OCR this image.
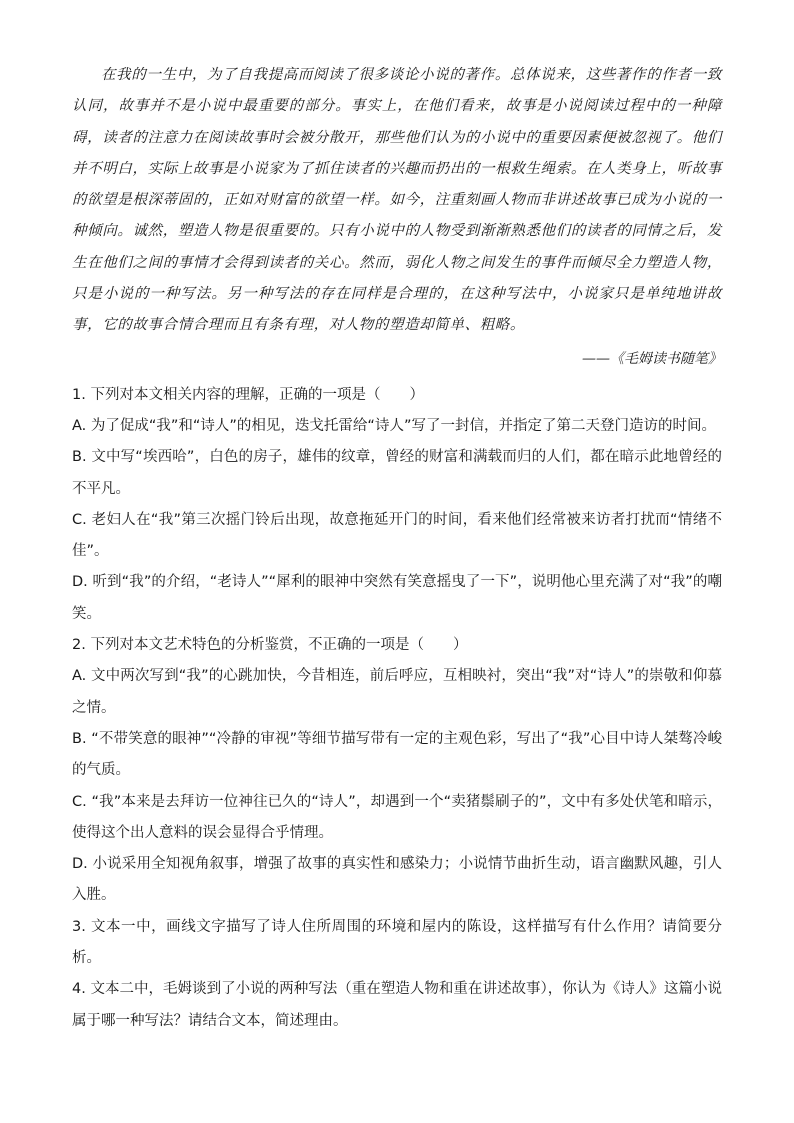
在我的一生中，为了自我提高而阅读了很多谈论小说的著作。总体说来，这些著作的作者一致认同，故事并不是小说中最重要的部分。事实上，在他们看来，故事是小说阅读过程中的一种障碍，读者的注意力在阅读故事时会被分散开，那些他们认为的小说中的重要因素便被忽视了。他们并不明白，实际上故事是小说家为了抓住读者的兴趣而扔出的一根救生绳索。在人类身上，听故事的欲望是根深蒂固的，正如对财富的欲望一样。如今，注重刻画人物而非讲述故事已成为小说的一种倾向。诚然，塑造人物是很重要的。只有小说中的人物受到渐渐熟悉他们的读者的同情之后，发生在他们之间的事情才会得到读者的关心。然而，弱化人物之间发生的事件而倾尽全力塑造人物，只是小说的一种写法。另一种写法的存在同样是合理的，在这种写法中，小说家只是单纯地讲故事，它的故事合情合理而且有条有理，对人物的塑造却简单、粗略。

——《毛姆读书随笔》

1. 下列对本文相关内容的理解，正确的一项是（　　）

A. 为了促成“我”和“诗人”的相见，迭戈托雷给“诗人”写了一封信，并指定了第二天登门造访的时间。

B. 文中写“埃西哈”，白色的房子，雄伟的纹章，曾经的财富和满载而归的人们，都在暗示此地曾经的不平凡。

C. 老妇人在“我”第三次摇门铃后出现，故意拖延开门的时间，看来他们经常被来访者打扰而“情绪不佳”。

D. 听到“我”的介绍，“老诗人”“犀利的眼神中突然有笑意摇曳了一下”，说明他心里充满了对“我”的嘲笑。

2. 下列对本文艺术特色的分析鉴赏，不正确的一项是（　　）

A. 文中两次写到“我”的心跳加快，今昔相连，前后呼应，互相映衬，突出“我”对“诗人”的崇敬和仰慕之情。

B. “不带笑意的眼神”“冷静的审视”等细节描写带有一定的主观色彩，写出了“我”心目中诗人桀骜冷峻的气质。

C. “我”本来是去拜访一位神往已久的“诗人”，却遇到一个“卖猪鬃刷子的”，文中有多处伏笔和暗示，使得这个出人意料的误会显得合乎情理。

D. 小说采用全知视角叙事，增强了故事的真实性和感染力；小说情节曲折生动，语言幽默风趣，引人入胜。

3. 文本一中，画线文字描写了诗人住所周围的环境和屋内的陈设，这样描写有什么作用？请简要分析。

4. 文本二中，毛姆谈到了小说的两种写法（重在塑造人物和重在讲述故事），你认为《诗人》这篇小说属于哪一种写法？请结合文本，简述理由。
